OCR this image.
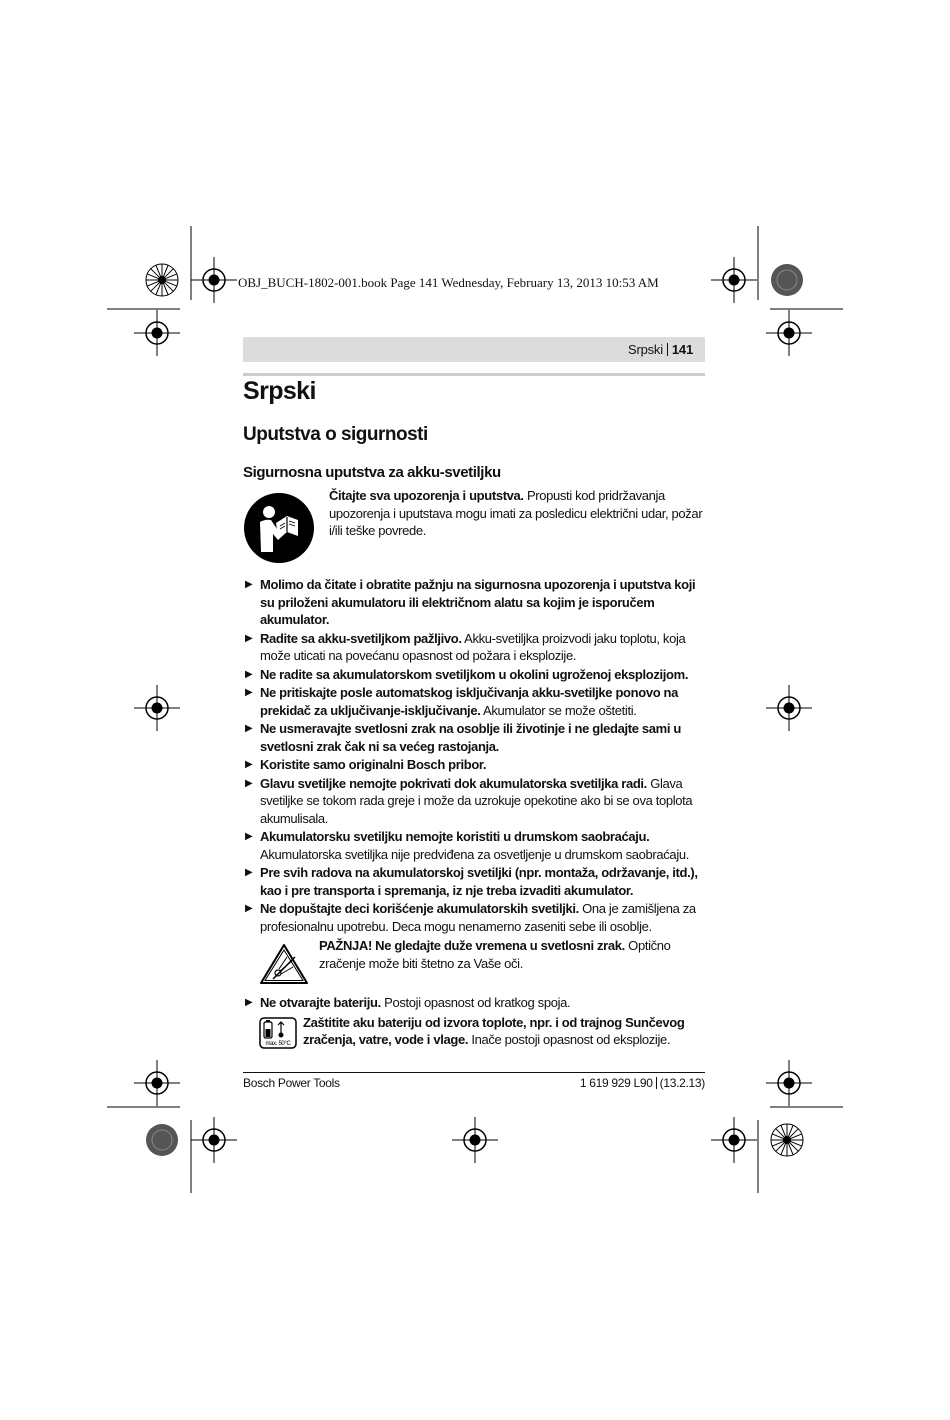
OBJ_BUCH-1802-001.book Page 141 Wednesday, February 13, 2013 10:53 AM
Srpski 141
Srpski
Uputstva o sigurnosti
Sigurnosna uputstva za akku-svetiljku
Čitajte sva upozorenja i uputstva. Propusti kod pridržavanja upozorenja i uputstava mogu imati za posledicu električni udar, požar i/ili teške povrede.
▶ Molimo da čitate i obratite pažnju na sigurnosna upozorenja i uputstva koji su priloženi akumulatoru ili električnom alatu sa kojim je isporučem akumulator.
▶ Radite sa akku-svetiljkom pažljivo. Akku-svetiljka proizvodi jaku toplotu, koja može uticati na povećanu opasnost od požara i eksplozije.
▶ Ne radite sa akumulatorskom svetiljkom u okolini ugroženoj eksplozijom.
▶ Ne pritiskajte posle automatskog isključivanja akku-svetiljke ponovo na prekidač za uključivanje-isključivanje. Akumulator se može oštetiti.
▶ Ne usmeravajte svetlosni zrak na osoblje ili životinje i ne gledajte sami u svetlosni zrak čak ni sa većeg rastojanja.
▶ Koristite samo originalni Bosch pribor.
▶ Glavu svetiljke nemojte pokrivati dok akumulatorska svetiljka radi. Glava svetiljke se tokom rada greje i može da uzrokuje opekotine ako bi se ova toplota akumulisala.
▶ Akumulatorsku svetiljku nemojte koristiti u drumskom saobraćaju. Akumulatorska svetiljka nije predviđena za osvetljenje u drumskom saobraćaju.
▶ Pre svih radova na akumulatorskoj svetiljki (npr. montaža, održavanje, itd.), kao i pre transporta i spremanja, iz nje treba izvaditi akumulator.
▶ Ne dopuštajte deci korišćenje akumulatorskih svetiljki. Ona je zamišljena za profesionalnu upotrebu. Deca mogu nenamerno zaseniti sebe ili osoblje.
PAŽNJA! Ne gledajte duže vremena u svetlosni zrak. Optično zračenje može biti štetno za Vaše oči.
▶ Ne otvarajte bateriju. Postoji opasnost od kratkog spoja.
max. 50°C
Zaštitite aku bateriju od izvora toplote, npr. i od trajnog Sunčevog zračenja, vatre, vode i vlage. Inače postoji opasnost od eksplozije.
Bosch Power Tools	1 619 929 L90 (13.2.13)
